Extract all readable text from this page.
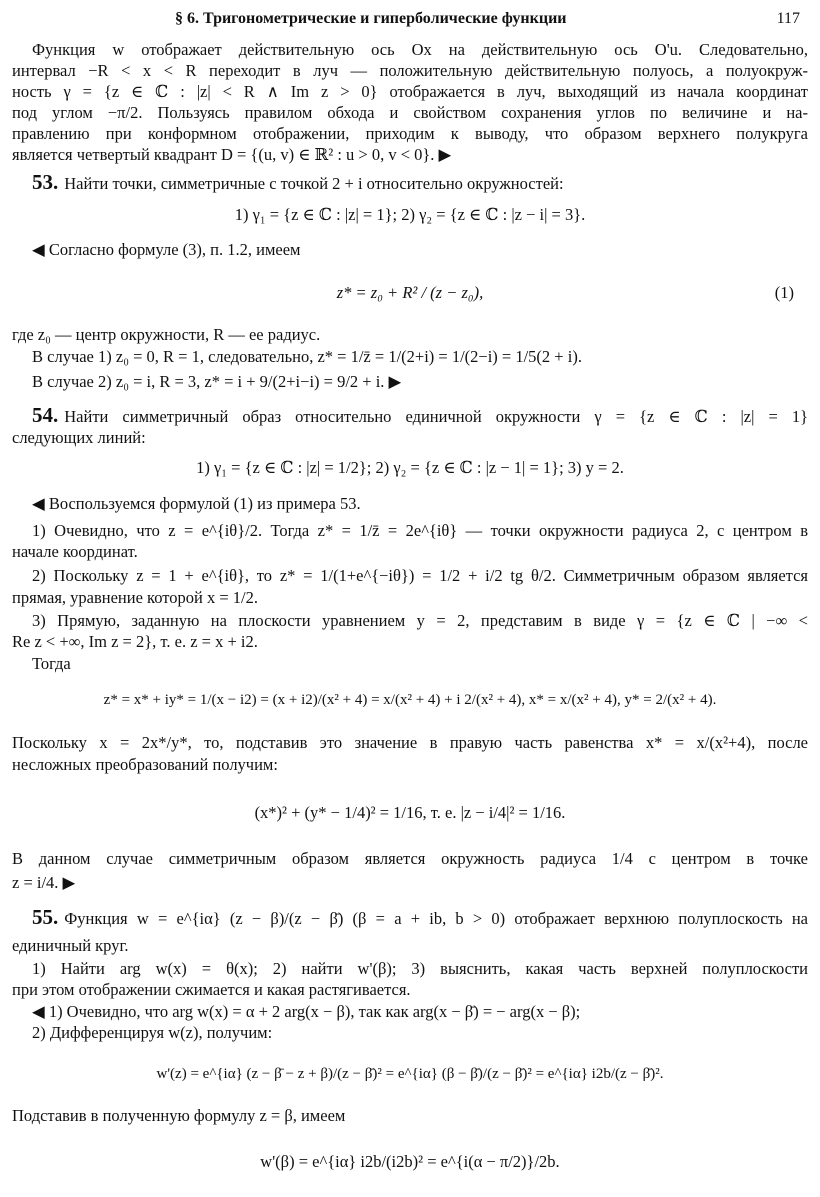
§ 6. Тригонометрические и гиперболические функции	117
Функция w отображает действительную ось Ox на действительную ось O'u. Следовательно,
интервал −R < x < R переходит в луч — положительную действительную полуось, а полуокруж-
ность γ = {z ∈ ℂ : |z| < R ∧ Im z > 0} отображается в луч, выходящий из начала координат
под углом −π/2. Пользуясь правилом обхода и свойством сохранения углов по величине и на-
правлению при конформном отображении, приходим к выводу, что образом верхнего полукруга
является четвертый квадрант D = {(u, v) ∈ ℝ² : u > 0, v < 0}. ▶
53. Найти точки, симметричные с точкой 2 + i относительно окружностей:
1) γ₁ = {z ∈ ℂ : |z| = 1}; 2) γ₂ = {z ∈ ℂ : |z − i| = 3}.
◀ Согласно формуле (3), п. 1.2, имеем
z* = z₀ + R² / (z − z₀),	(1)
где z₀ — центр окружности, R — ее радиус.
В случае 1) z₀ = 0, R = 1, следовательно, z* = 1/z̄ = 1/(2+i) = 1/(2−i) = 1/5(2 + i).
В случае 2) z₀ = i, R = 3, z* = i + 9/(2+i−i) = 9/2 + i. ▶
54. Найти симметричный образ относительно единичной окружности γ = {z ∈ ℂ : |z| = 1}
следующих линий:
1) γ₁ = {z ∈ ℂ : |z| = 1/2}; 2) γ₂ = {z ∈ ℂ : |z − 1| = 1}; 3) y = 2.
◀ Воспользуемся формулой (1) из примера 53.
1) Очевидно, что z = e^{iθ}/2. Тогда z* = 1/z̄ = 2e^{iθ} — точки окружности радиуса 2, с центром в
начале координат.
2) Поскольку z = 1 + e^{iθ}, то z* = 1/(1+e^{−iθ}) = 1/2 + i/2 tg θ/2. Симметричным образом является
прямая, уравнение которой x = 1/2.
3) Прямую, заданную на плоскости уравнением y = 2, представим в виде γ = {z ∈ ℂ | −∞ <
Re z < +∞, Im z = 2}, т. е. z = x + i2.
Тогда
z* = x* + iy* = 1/(x − i2) = (x + i2)/(x² + 4) = x/(x² + 4) + i 2/(x² + 4), x* = x/(x² + 4), y* = 2/(x² + 4).
Поскольку x = 2x*/y*, то, подставив это значение в правую часть равенства x* = x/(x²+4), после
несложных преобразований получим:
(x*)² + (y* − 1/4)² = 1/16, т. е. |z − i/4|² = 1/16.
В данном случае симметричным образом является окружность радиуса 1/4 с центром в точке
z = i/4. ▶
55. Функция w = e^{iα} (z − β)/(z − β̄) (β = a + ib, b > 0) отображает верхнюю полуплоскость на
единичный круг.
1) Найти arg w(x) = θ(x); 2) найти w'(β); 3) выяснить, какая часть верхней полуплоскости
при этом отображении сжимается и какая растягивается.
◀ 1) Очевидно, что arg w(x) = α + 2 arg(x − β), так как arg(x − β̄) = − arg(x − β);
2) Дифференцируя w(z), получим:
w'(z) = e^{iα} (z − β̄ − z + β)/(z − β̄)² = e^{iα} (β − β̄)/(z − β̄)² = e^{iα} i2b/(z − β̄)².
Подставив в полученную формулу z = β, имеем
w'(β) = e^{iα} i2b/(i2b)² = e^{i(α − π/2)}/2b.
